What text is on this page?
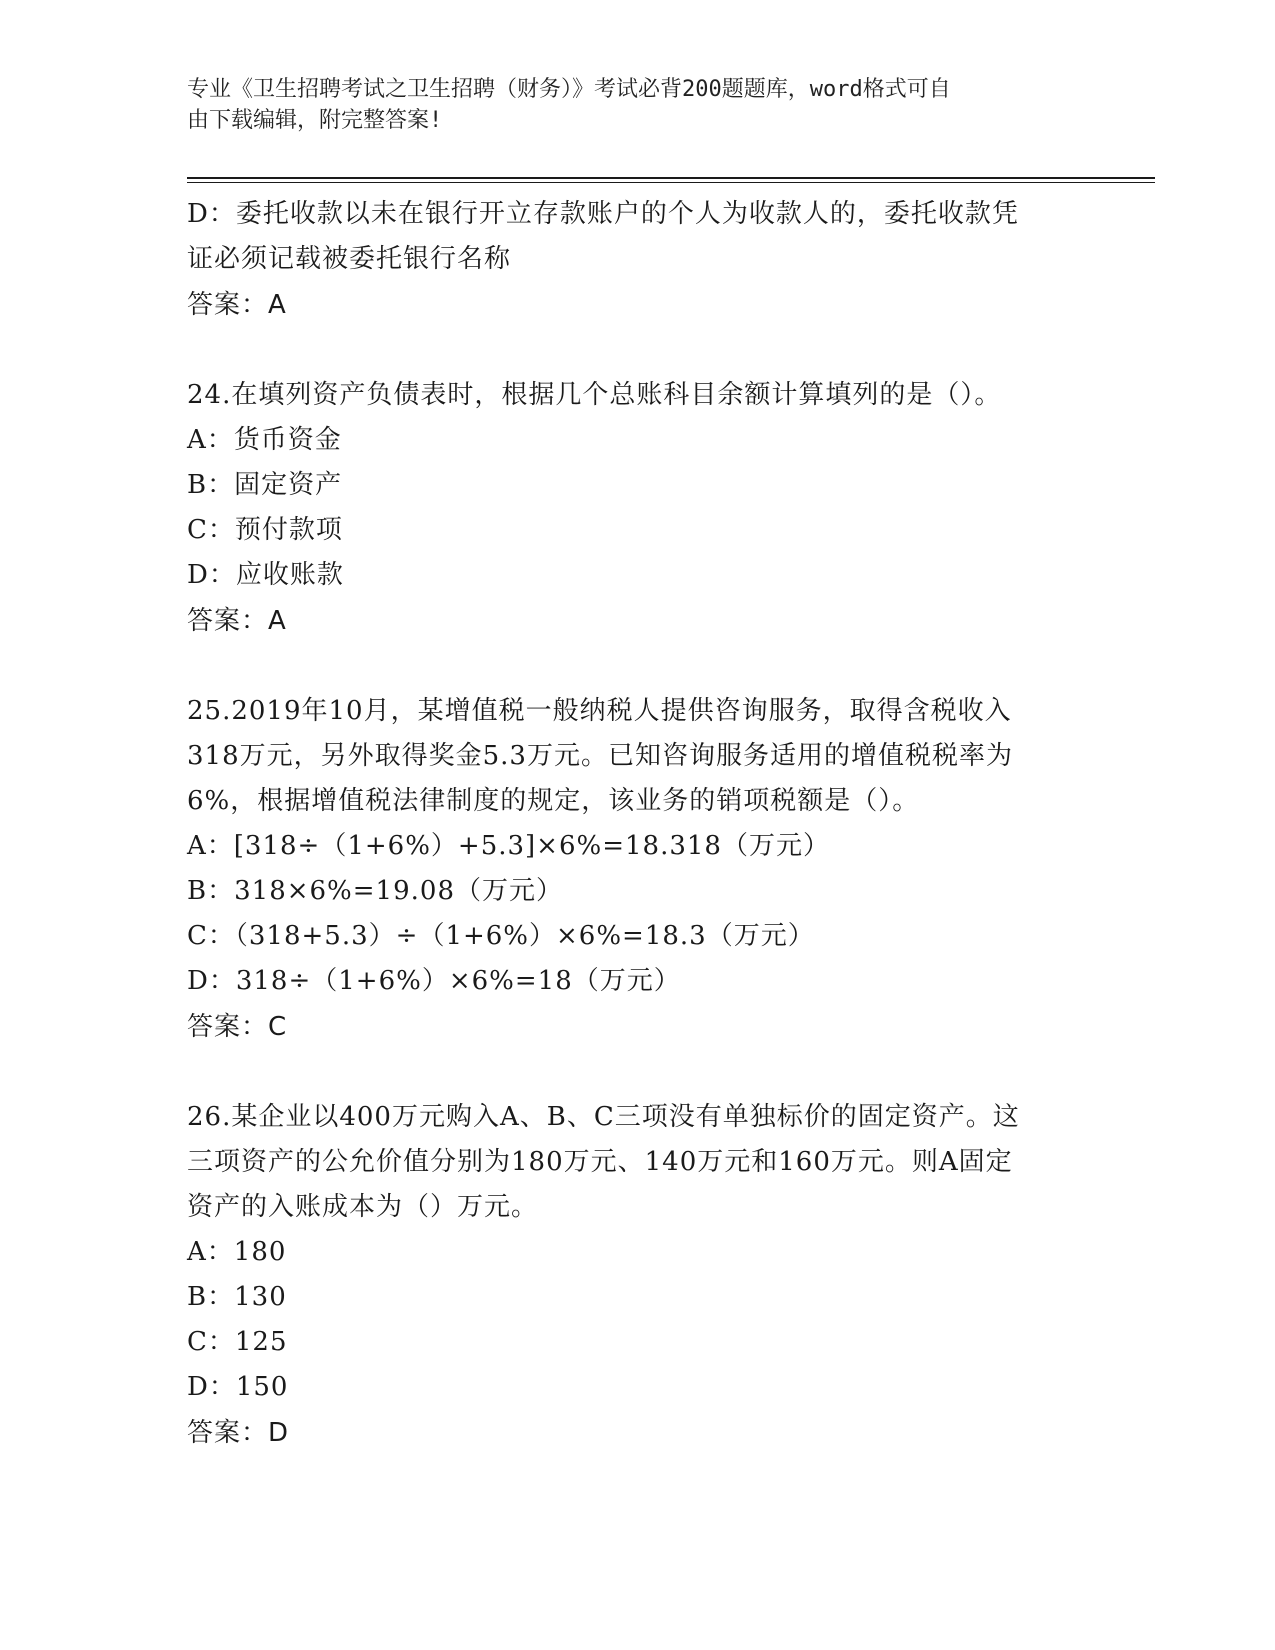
专业《卫生招聘考试之卫生招聘（财务）》考试必背200题题库，word格式可自
由下载编辑，附完整答案!
D：委托收款以未在银行开立存款账户的个人为收款人的，委托收款凭
证必须记载被委托银行名称
答案：A
24.在填列资产负债表时，根据几个总账科目余额计算填列的是（）。
A：货币资金
B：固定资产
C：预付款项
D：应收账款
答案：A
25.2019年10月，某增值税一般纳税人提供咨询服务，取得含税收入
318万元，另外取得奖金5.3万元。已知咨询服务适用的增值税税率为
6%，根据增值税法律制度的规定，该业务的销项税额是（）。
A：[318÷（1+6%）+5.3]×6%=18.318（万元）
B：318×6%=19.08（万元）
C：（318+5.3）÷（1+6%）×6%=18.3（万元）
D：318÷（1+6%）×6%=18（万元）
答案：C
26.某企业以400万元购入A、B、C三项没有单独标价的固定资产。这
三项资产的公允价值分别为180万元、140万元和160万元。则A固定
资产的入账成本为（）万元。
A：180
B：130
C：125
D：150
答案：D
